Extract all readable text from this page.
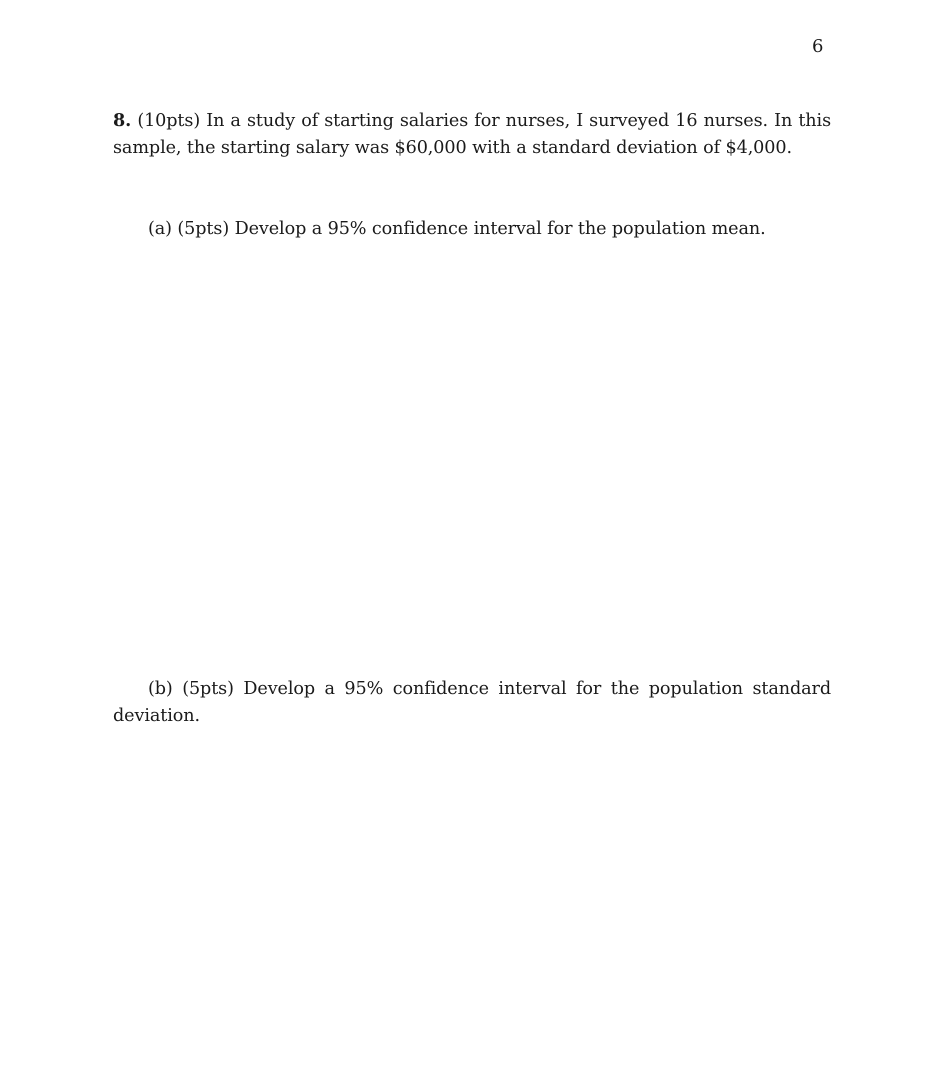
6
8. (10pts) In a study of starting salaries for nurses, I surveyed 16 nurses. In this sample, the starting salary was $60,000 with a standard deviation of $4,000.
(a) (5pts) Develop a 95% confidence interval for the population mean.
(b) (5pts) Develop a 95% confidence interval for the population standard deviation.
